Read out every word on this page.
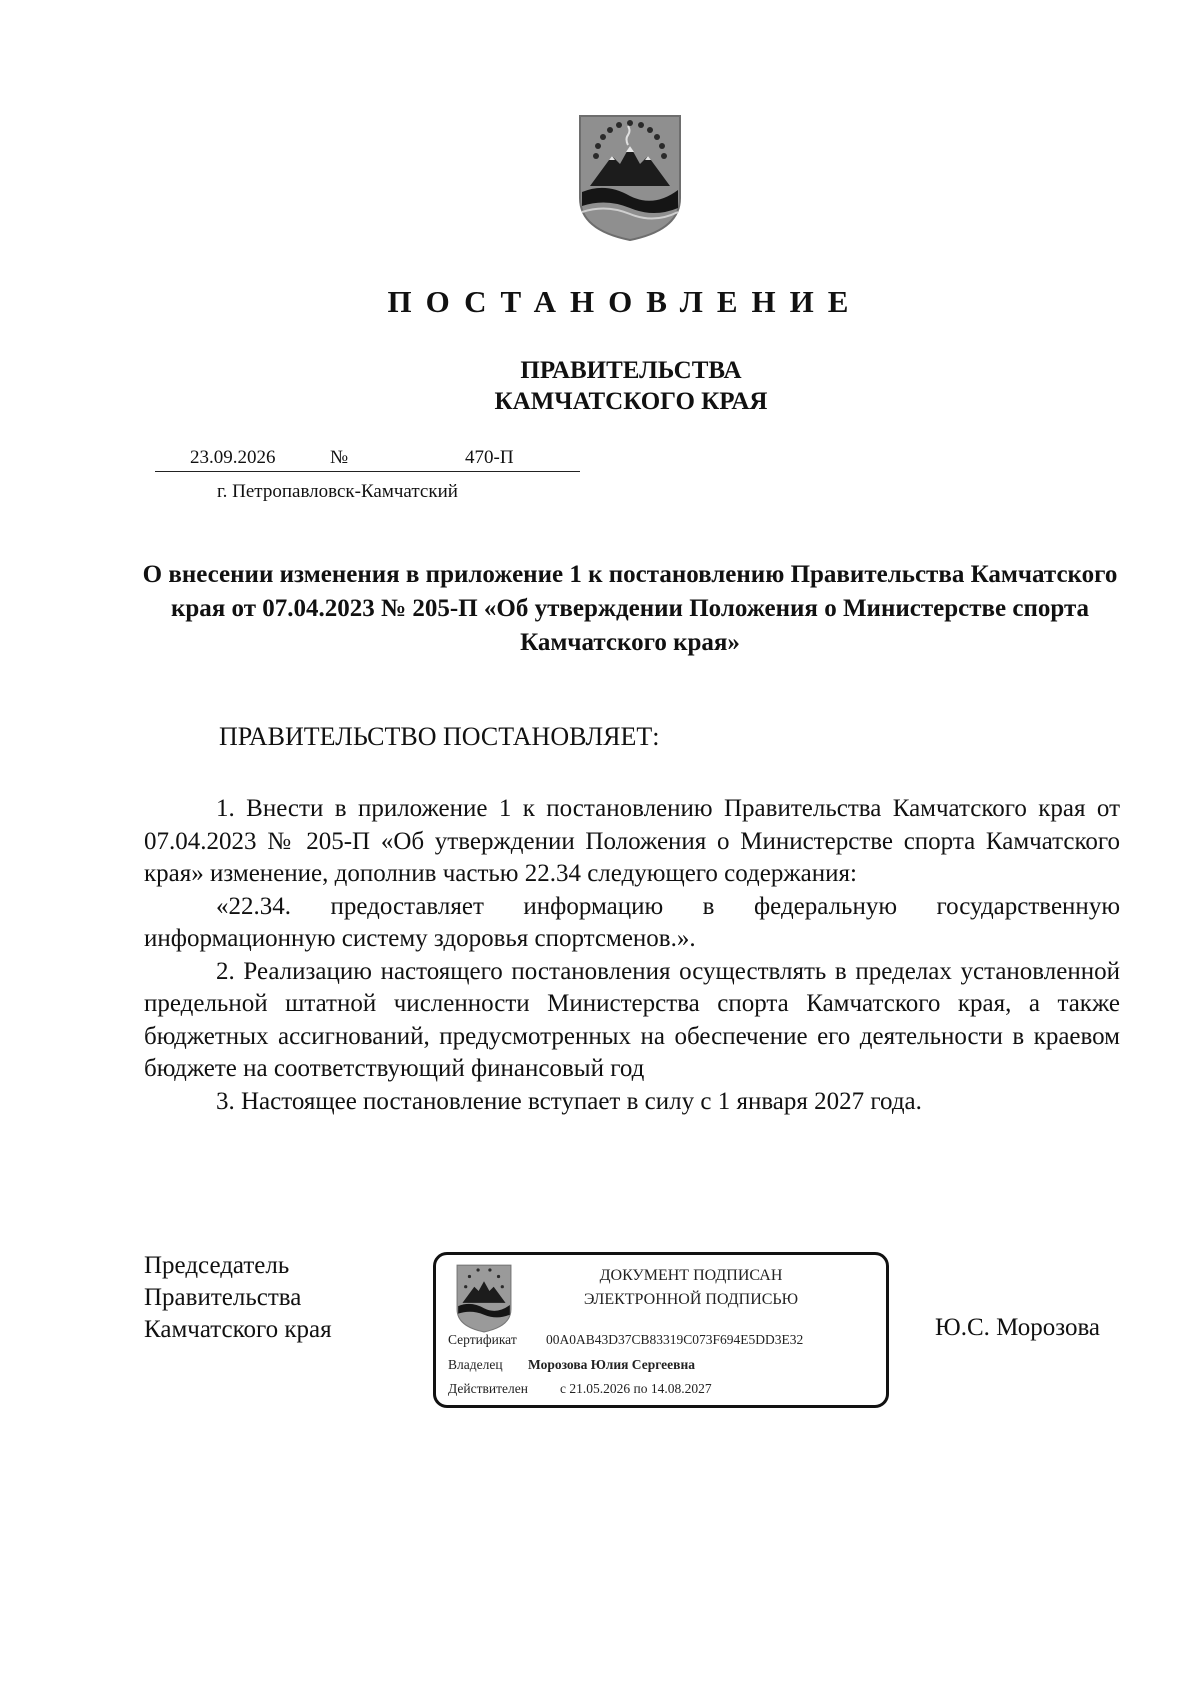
ПОСТАНОВЛЕНИЕ
ПРАВИТЕЛЬСТВА
КАМЧАТСКОГО КРАЯ
23.09.2026	№	470-П
г. Петропавловск-Камчатский
О внесении изменения в приложение 1 к постановлению Правительства Камчатского края от 07.04.2023 № 205-П «Об утверждении Положения о Министерстве спорта Камчатского края»
ПРАВИТЕЛЬСТВО ПОСТАНОВЛЯЕТ:

1. Внести в приложение 1 к постановлению Правительства Камчатского края от 07.04.2023 № 205-П «Об утверждении Положения о Министерстве спорта Камчатского края» изменение, дополнив частью 22.34 следующего содержания:

«22.34. предоставляет информацию в федеральную государственную информационную систему здоровья спортсменов.».

2. Реализацию настоящего постановления осуществлять в пределах установленной предельной штатной численности Министерства спорта Камчатского края, а также бюджетных ассигнований, предусмотренных на обеспечение его деятельности в краевом бюджете на соответствующий финансовый год

3. Настоящее постановление вступает в силу с 1 января 2027 года.

Председатель
Правительства
Камчатского края
ДОКУМЕНТ ПОДПИСАН
ЭЛЕКТРОННОЙ ПОДПИСЬЮ
Сертификат 00A0AB43D37CB83319C073F694E5DD3E32
Владелец Морозова Юлия Сергеевна
Действителен с 21.05.2026 по 14.08.2027
Ю.С. Морозова
